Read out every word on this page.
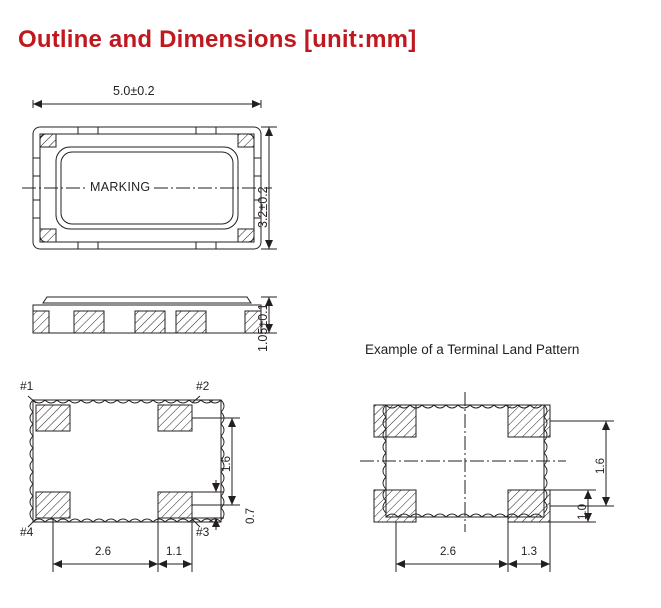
Outline and Dimensions [unit:mm]
MARKING
5.0±0.2
3.2±0.2
1.05±0.1
#1	#2
#3
#4
1.6
0.7
2.6	1.1
Example of a Terminal Land Pattern
1.6
1.0
2.6	1.3
